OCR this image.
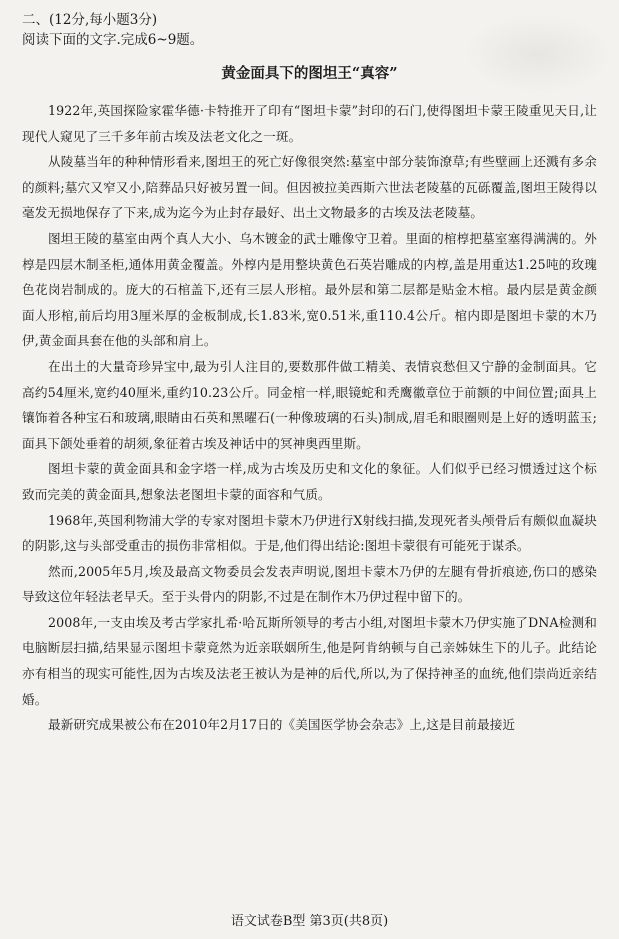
二、(12分,每小题3分)

阅读下面的文字.完成6~9题。

黄金面具下的图坦王“真容”

1922年,英国探险家霍华德·卡特推开了印有“图坦卡蒙”封印的石门,使得图坦卡蒙王陵重见天日,让现代人窥见了三千多年前古埃及法老文化之一斑。

从陵墓当年的种种情形看来,图坦王的死亡好像很突然:墓室中部分装饰潦草;有些壁画上还溅有多余的颜料;墓穴又窄又小,陪葬品只好被另置一间。但因被拉美西斯六世法老陵墓的瓦砾覆盖,图坦王陵得以毫发无损地保存了下来,成为迄今为止封存最好、出土文物最多的古埃及法老陵墓。

图坦王陵的墓室由两个真人大小、乌木镀金的武士雕像守卫着。里面的棺椁把墓室塞得满满的。外椁是四层木制圣柜,通体用黄金覆盖。外椁内是用整块黄色石英岩雕成的内椁,盖是用重达1.25吨的玫瑰色花岗岩制成的。庞大的石棺盖下,还有三层人形棺。最外层和第二层都是贴金木棺。最内层是黄金颜面人形棺,前后均用3厘米厚的金板制成,长1.83米,宽0.51米,重110.4公斤。棺内即是图坦卡蒙的木乃伊,黄金面具套在他的头部和肩上。

在出土的大量奇珍异宝中,最为引人注目的,要数那件做工精美、表情哀愁但又宁静的金制面具。它高约54厘米,宽约40厘米,重约10.23公斤。同金棺一样,眼镜蛇和秃鹰徽章位于前额的中间位置;面具上镶饰着各种宝石和玻璃,眼睛由石英和黑曜石(一种像玻璃的石头)制成,眉毛和眼圈则是上好的透明蓝玉;面具下颌处垂着的胡须,象征着古埃及神话中的冥神奥西里斯。

图坦卡蒙的黄金面具和金字塔一样,成为古埃及历史和文化的象征。人们似乎已经习惯透过这个标致而完美的黄金面具,想象法老图坦卡蒙的面容和气质。

1968年,英国利物浦大学的专家对图坦卡蒙木乃伊进行X射线扫描,发现死者头颅骨后有颇似血凝块的阴影,这与头部受重击的损伤非常相似。于是,他们得出结论:图坦卡蒙很有可能死于谋杀。

然而,2005年5月,埃及最高文物委员会发表声明说,图坦卡蒙木乃伊的左腿有骨折痕迹,伤口的感染导致这位年轻法老早夭。至于头骨内的阴影,不过是在制作木乃伊过程中留下的。

2008年,一支由埃及考古学家扎希·哈瓦斯所领导的考古小组,对图坦卡蒙木乃伊实施了DNA检测和电脑断层扫描,结果显示图坦卡蒙竟然为近亲联姻所生,他是阿肯纳顿与自己亲姊妹生下的儿子。此结论亦有相当的现实可能性,因为古埃及法老王被认为是神的后代,所以,为了保持神圣的血统,他们崇尚近亲结婚。

最新研究成果被公布在2010年2月17日的《美国医学协会杂志》上,这是目前最接近

语文试卷B型 第3页(共8页)
